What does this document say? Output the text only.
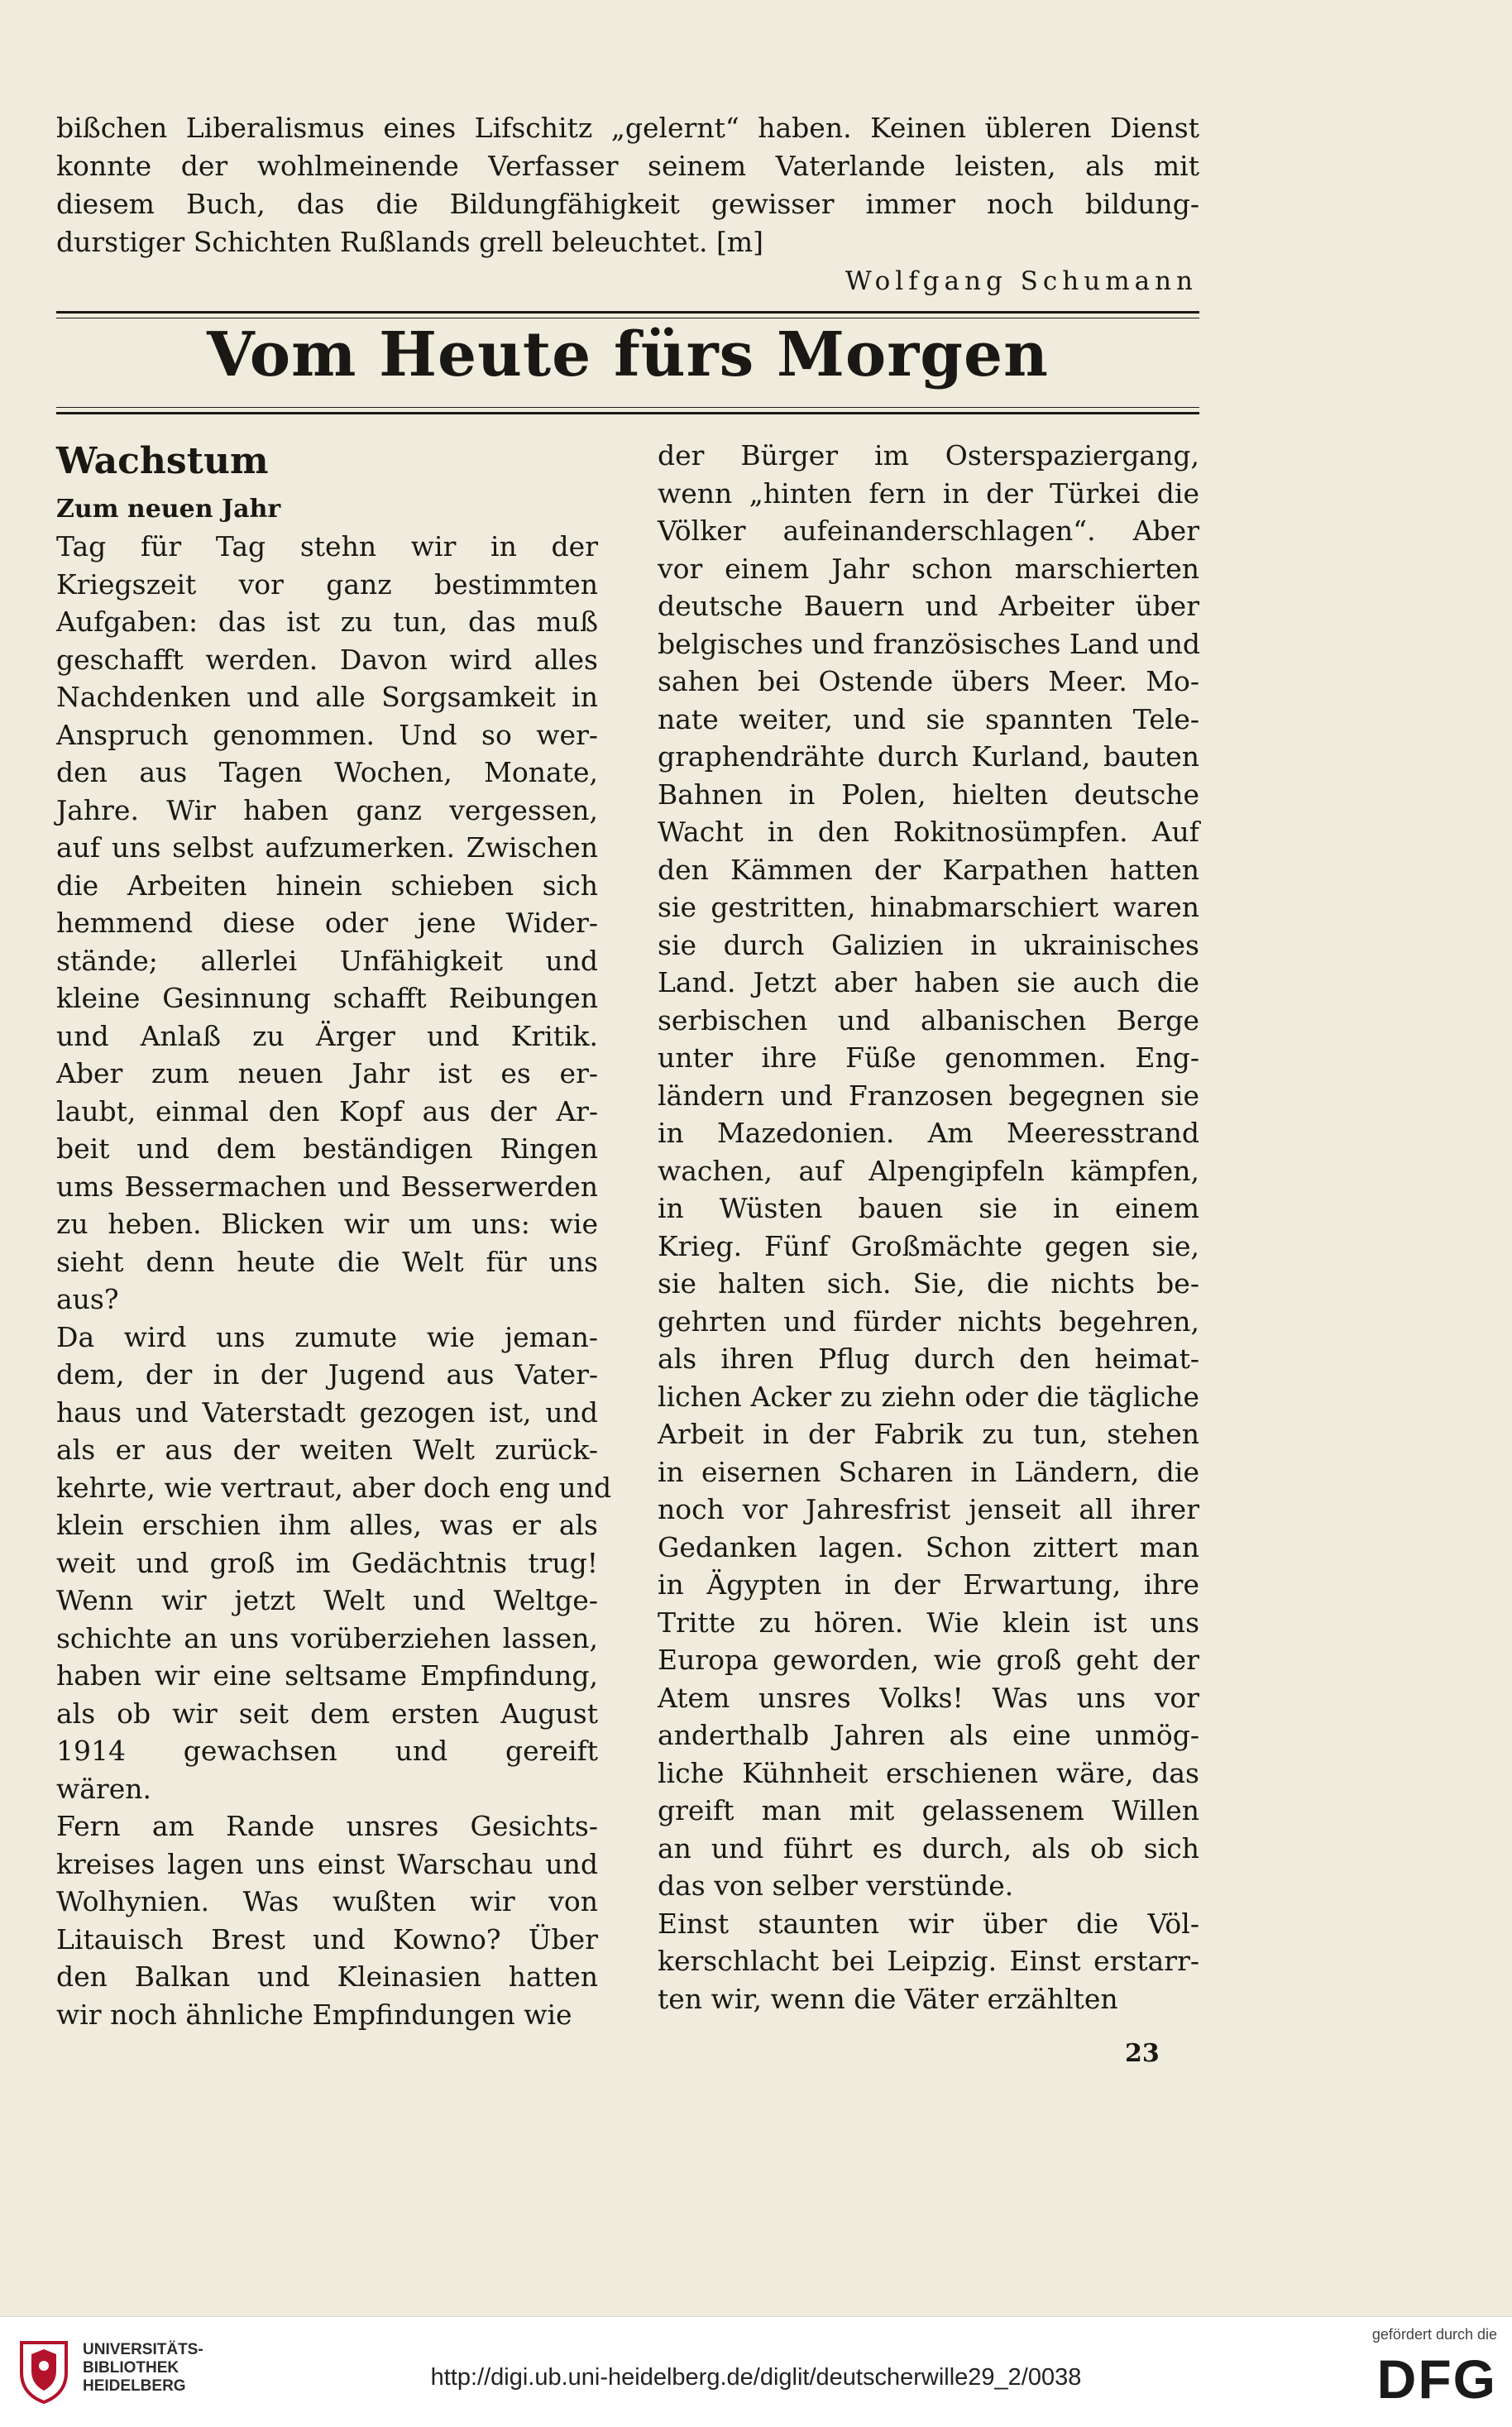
bißchen Liberalismus eines Lifschitz „gelernt“ haben. Keinen übleren Dienst
konnte der wohlmeinende Verfasser seinem Vaterlande leisten, als mit
diesem Buch, das die Bildungfähigkeit gewisser immer noch bildung-
durstiger Schichten Rußlands grell beleuchtet. [m]
Wolfgang Schumann
Vom Heute fürs Morgen
Wachstum
Zum neuen Jahr
Tag für Tag stehn wir in der
Kriegszeit vor ganz bestimmten
Aufgaben: das ist zu tun, das muß
geschafft werden. Davon wird alles
Nachdenken und alle Sorgsamkeit in
Anspruch genommen. Und so wer-
den aus Tagen Wochen, Monate,
Jahre. Wir haben ganz vergessen,
auf uns selbst aufzumerken. Zwischen
die Arbeiten hinein schieben sich
hemmend diese oder jene Wider-
stände; allerlei Unfähigkeit und
kleine Gesinnung schafft Reibungen
und Anlaß zu Ärger und Kritik.
Aber zum neuen Jahr ist es er-
laubt, einmal den Kopf aus der Ar-
beit und dem beständigen Ringen
ums Bessermachen und Besserwerden
zu heben. Blicken wir um uns: wie
sieht denn heute die Welt für uns
aus?
Da wird uns zumute wie jeman-
dem, der in der Jugend aus Vater-
haus und Vaterstadt gezogen ist, und
als er aus der weiten Welt zurück-
kehrte, wie vertraut, aber doch eng und
klein erschien ihm alles, was er als
weit und groß im Gedächtnis trug!
Wenn wir jetzt Welt und Weltge-
schichte an uns vorüberziehen lassen,
haben wir eine seltsame Empfindung,
als ob wir seit dem ersten August
1914 gewachsen und gereift
wären.
Fern am Rande unsres Gesichts-
kreises lagen uns einst Warschau und
Wolhynien. Was wußten wir von
Litauisch Brest und Kowno? Über
den Balkan und Kleinasien hatten
wir noch ähnliche Empfindungen wie
der Bürger im Osterspaziergang,
wenn „hinten fern in der Türkei die
Völker aufeinanderschlagen“. Aber
vor einem Jahr schon marschierten
deutsche Bauern und Arbeiter über
belgisches und französisches Land und
sahen bei Ostende übers Meer. Mo-
nate weiter, und sie spannten Tele-
graphendrähte durch Kurland, bauten
Bahnen in Polen, hielten deutsche
Wacht in den Rokitnosümpfen. Auf
den Kämmen der Karpathen hatten
sie gestritten, hinabmarschiert waren
sie durch Galizien in ukrainisches
Land. Jetzt aber haben sie auch die
serbischen und albanischen Berge
unter ihre Füße genommen. Eng-
ländern und Franzosen begegnen sie
in Mazedonien. Am Meeresstrand
wachen, auf Alpengipfeln kämpfen,
in Wüsten bauen sie in einem
Krieg. Fünf Großmächte gegen sie,
sie halten sich. Sie, die nichts be-
gehrten und fürder nichts begehren,
als ihren Pflug durch den heimat-
lichen Acker zu ziehn oder die tägliche
Arbeit in der Fabrik zu tun, stehen
in eisernen Scharen in Ländern, die
noch vor Jahresfrist jenseit all ihrer
Gedanken lagen. Schon zittert man
in Ägypten in der Erwartung, ihre
Tritte zu hören. Wie klein ist uns
Europa geworden, wie groß geht der
Atem unsres Volks! Was uns vor
anderthalb Jahren als eine unmög-
liche Kühnheit erschienen wäre, das
greift man mit gelassenem Willen
an und führt es durch, als ob sich
das von selber verstünde.
Einst staunten wir über die Völ-
kerschlacht bei Leipzig. Einst erstarr-
ten wir, wenn die Väter erzählten
23
UNIVERSITÄTS-
BIBLIOTHEK
HEIDELBERG	http://digi.ub.uni-heidelberg.de/diglit/deutscherwille29_2/0038
gefördert durch die
DFG
